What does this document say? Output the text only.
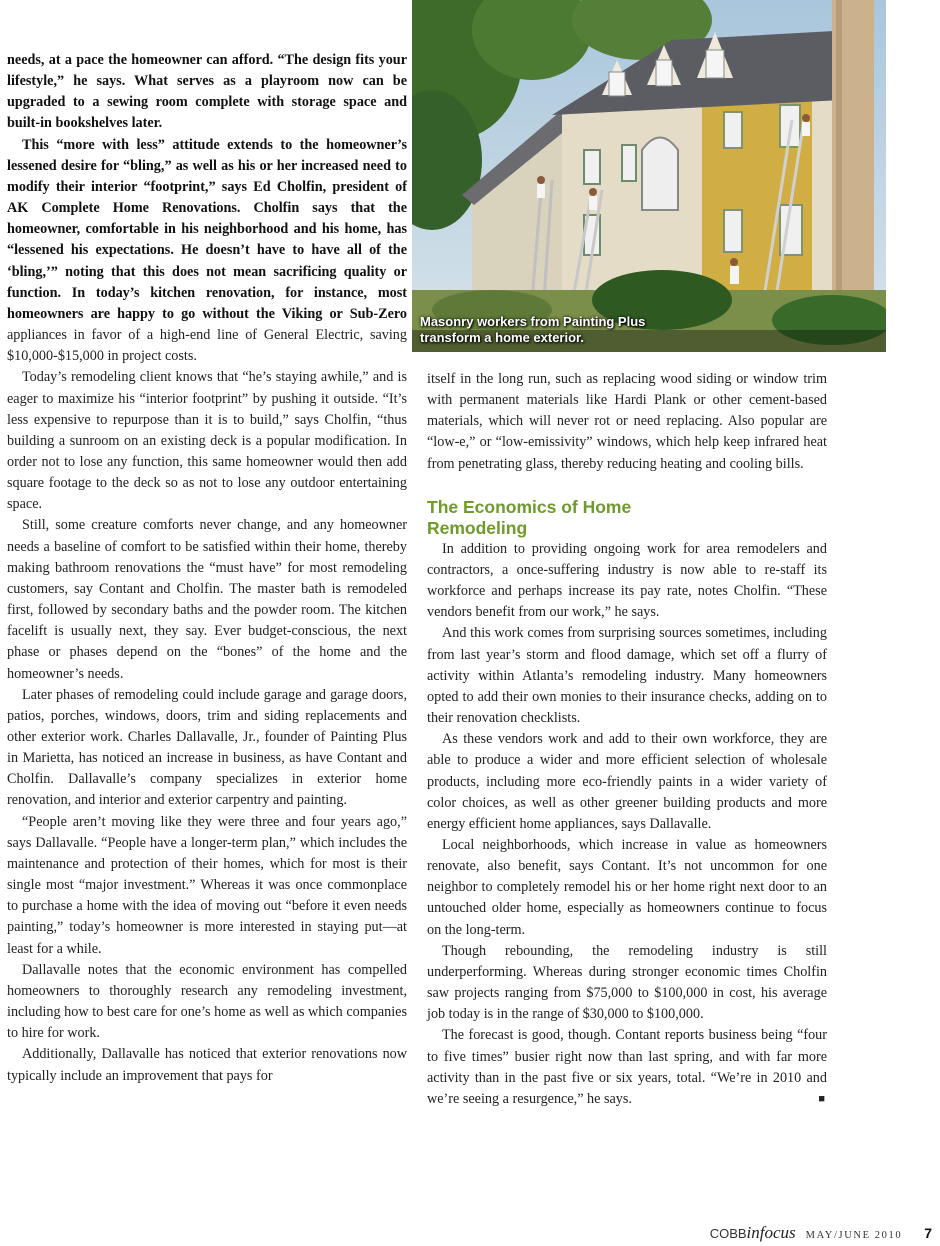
Masonry workers from Painting Plus
transform a home exterior.

needs, at a pace the homeowner can afford. “The design fits your lifestyle,” he says. What serves as a playroom now can be upgraded to a sewing room complete with storage space and built-in bookshelves later.

This “more with less” attitude extends to the homeowner’s lessened desire for “bling,” as well as his or her increased need to modify their interior “footprint,” says Ed Cholfin, president of AK Complete Home Renovations. Cholfin says that the homeowner, comfortable in his neighborhood and his home, has “lessened his expectations. He doesn’t have to have all of the ‘bling,’” noting that this does not mean sacrificing quality or function. In today’s kitchen renovation, for instance, most homeowners are happy to go without the Viking or Sub-Zero appliances in favor of a high-end line of General Electric, saving $10,000-$15,000 in project costs.

Today’s remodeling client knows that “he’s staying awhile,” and is eager to maximize his “interior footprint” by pushing it outside. “It’s less expensive to repurpose than it is to build,” says Cholfin, “thus building a sunroom on an existing deck is a popular modification. In order not to lose any function, this same homeowner would then add square footage to the deck so as not to lose any outdoor entertaining space.

Still, some creature comforts never change, and any homeowner needs a baseline of comfort to be satisfied within their home, thereby making bathroom renovations the “must have” for most remodeling customers, say Contant and Cholfin. The master bath is remodeled first, followed by secondary baths and the powder room. The kitchen facelift is usually next, they say. Ever budget-conscious, the next phase or phases depend on the “bones” of the home and the homeowner’s needs.

Later phases of remodeling could include garage and garage doors, patios, porches, windows, doors, trim and siding replacements and other exterior work. Charles Dallavalle, Jr., founder of Painting Plus in Marietta, has noticed an increase in business, as have Contant and Cholfin. Dallavalle’s company specializes in exterior home renovation, and interior and exterior carpentry and painting.

“People aren’t moving like they were three and four years ago,” says Dallavalle. “People have a longer-term plan,” which includes the maintenance and protection of their homes, which for most is their single most “major investment.” Whereas it was once commonplace to purchase a home with the idea of moving out “before it even needs painting,” today’s homeowner is more interested in staying put—at least for a while.

Dallavalle notes that the economic environment has compelled homeowners to thoroughly research any remodeling investment, including how to best care for one’s home as well as which companies to hire for work.

Additionally, Dallavalle has noticed that exterior renovations now typically include an improvement that pays for

itself in the long run, such as replacing wood siding or window trim with permanent materials like Hardi Plank or other cement-based materials, which will never rot or need replacing. Also popular are “low-e,” or “low-emissivity” windows, which help keep infrared heat from penetrating glass, thereby reducing heating and cooling bills.

The Economics of Home
Remodeling

In addition to providing ongoing work for area remodelers and contractors, a once-suffering industry is now able to re-staff its workforce and perhaps increase its pay rate, notes Cholfin. “These vendors benefit from our work,” he says.

And this work comes from surprising sources sometimes, including from last year’s storm and flood damage, which set off a flurry of activity within Atlanta’s remodeling industry. Many homeowners opted to add their own monies to their insurance checks, adding on to their renovation checklists.

As these vendors work and add to their own workforce, they are able to produce a wider and more efficient selection of wholesale products, including more eco-friendly paints in a wider variety of color choices, as well as other greener building products and more energy efficient home appliances, says Dallavalle.

Local neighborhoods, which increase in value as homeowners renovate, also benefit, says Contant. It’s not uncommon for one neighbor to completely remodel his or her home right next door to an untouched older home, especially as homeowners continue to focus on the long-term.

Though rebounding, the remodeling industry is still underperforming. Whereas during stronger economic times Cholfin saw projects ranging from $75,000 to $100,000 in cost, his average job today is in the range of $30,000 to $100,000.

The forecast is good, though. Contant reports business being “four to five times” busier right now than last spring, and with far more activity than in the past five or six years, total. “We’re in 2010 and we’re seeing a resurgence,” he says.	■

COBBinfocus MAY/JUNE 2010 7
